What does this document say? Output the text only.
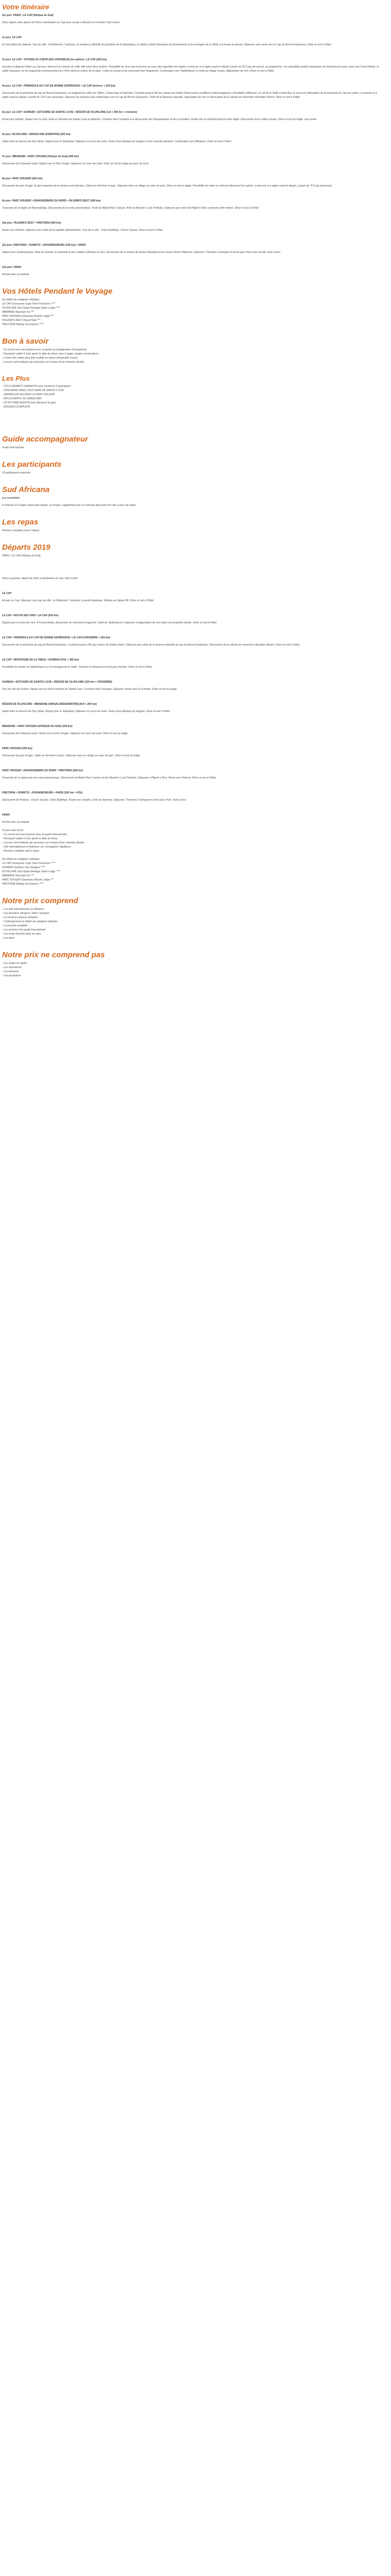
Votre itinéraire
1er jour: PARIS • LE CAP (Afrique du Sud)
Dans l'après-midi, départ de Paris à destination du Cap avec escale à Munich ou Francfort. Nuit à bord.
2e jour: LE CAP
En tout début de matinée, Tour de ville : le Parlement, Tuynhuys, la résidence officielle du président de la République, le célèbre Jardin botanique de Kirstenbosch et la montagne de la Table si le temps le permet. Déjeuner, puis route vers le Cap de Bonne-Espérance. Dîner et nuit à l'hôtel.
3e jour: LE CAP • VOYAGE AU CŒUR DES VIGNOBLES (en option) • LE CAP (220 km)
Journée et déjeuner libres au Cap pour découvrir le charme de cette ville entre deux océans. Possibilité de vivre une excursion au cœur des vignobles (en option, à réserver et à régler avant le départ à partir de 95 € par personne), au programme : les splendides jardins botaniques de Kirstenbosch puis, route vers Franschhoek, la vallée française, où les huguenots commencèrent au XVIIe siècle la culture de la vigne. Visite du musée et du monument des Huguenots. Continuation vers Stellenbosch et visite du village musée, dégustation de vins. Dîner et nuit à l'hôtel.
4e jour: LE CAP • PÉNINSULE DU CAP DE BONNE ESPÉRANCE • LE CAP (environ + 220 km)
Découverte de la péninsule du cap de Bonne Espérance, en longeant les côtes de Clifton, Camps Bay et Hout Bay. Croisière jusqu'à l'île aux otaries de Duiker Island (selon conditions météorologiques). Possibilité d'effectuer, en vol de la Table à Hout Bay, le survol en hélicoptère de la péninsule du Cap (en option, à réserver et à régler avant le départ, à partir de 135 € par personne). Déjeuner de poissons puis continuation vers le cap de Bonne Espérance. Visite de la Réserve naturelle, dégustation de vins et découverte de la colonie de manchots à Boulders Beach. Dîner et nuit à l'hôtel.
5e jour: LE CAP • DURBAN • ESTUAIRE DE SAINTE LUCIE • RÉGION DE HLUHLUWE (vol + 400 km + croisière)
Envol pour Durban. Départ vers le nord, route en direction de Sainte Lucie et déjeuner. Croisière dans l'estuaire à la découverte des hippopotames et des crocodiles. Route vers le Zululand jusqu'à votre lodge. Découverte de la culture zoulou. Dîner et nuit au lodge, sous tente.
6e jour: HLUHLUWE • SWAZILAND (ESWATINI) (220 km)
Safari dans la réserve de Zulu Nyala. Départ pour le Swaziland. Déjeuner en cours de route. Visite d'une fabrique de bougies et d'un marché artisanal. Continuation vers Mbabane. Dîner et nuit à l'hôtel.
7e jour: MBABANE • PARC KRUGER (Afrique du Sud) (300 km)
Découverte de l'artisanat swazi. Départ vers le Parc Kruger. Déjeuner en cours de route. Dîner et nuit au lodge au cœur du bush.
8e jour: PARC KRUGER (250 km)
Découverte du parc Kruger, le plus important de la réserve sud-africaine. Safari en 4x4 dans le parc. Déjeuner dans un village au cœur du parc. Dîner et nuit au lodge. Possibilité de safari en véhicule découvert (en option, à réserver et à régler avant le départ, à partir de 70 € par personne).
9e jour: PARC KRUGER • DRAKENSBERG DU NORD • PILGRIM'S REST (180 km)
Traversée de la région de Mpumalanga. Découverte de la route panoramique. Visite de Blyde River Canyon. Arrêt au Bourke's Luck Potholes. Déjeuner puis visite de Pilgrim's Rest, ancienne ville minière. Dîner et nuit à l'hôtel.
10e jour: PILGRIM'S REST • PRETORIA (350 km)
Route vers Pretoria. Déjeuner puis visite de la capitale administrative. Tour de la ville : Union Buildings, Church Square. Dîner et nuit à l'hôtel.
11e jour: PRETORIA • SOWETO • JOHANNESBURG (150 km) • PARIS
Départ pour Johannesburg. Visite de Soweto, le township le plus célèbre d'Afrique du Sud. Découverte de la maison de Nelson Mandela et du musée Hector Pieterson. Déjeuner. Transfert à l'aéroport et envol pour Paris avec escale. Nuit à bord.
12e jour: PARIS
Arrivée dans la matinée.
Vos Hôtels Pendant le Voyage
(ou hôtels de catégorie similaire)
LE CAP Sunsquare Cape Town Foreshore ****
HLUHLUWE Zulu Nyala Heritage Safari Lodge ****
MBABANE Mountain Inn ***
PARC KRUGER Greenway Woods Lodge ***
PILGRIM'S REST Royal Hotel ***
PRETORIA Holiday Inn Express ****
Bon à savoir
- Ce circuit vous est proposé avec un guide accompagnateur francophone.
- Passeport valide 6 mois après la date de retour avec 2 pages vierges consécutives.
- L'ordre des visites peut être modifié en raison d'impératifs locaux.
- Les prix sont indiqués par personne sur la base d'une chambre double.
Les Plus
- TOUS DÉPARTS GARANTIS avec minimum 2 participants
- CROISIÈRE DANS L'ESTUAIRE DE SAINTE LUCIE
- SAFARIS EN 4x4 DANS LE PARC KRUGER
- DÉCOUVERTE DU SWAZILAND
- UN RYTHME ADAPTÉ pour découvrir le pays
- PENSION COMPLÈTE
Guide accompagnateur
Guide francophone
Les participants
16 participants maximum
Sud Africana
Les essentiels
A réserver et à régler avant votre départ. Le Kruger, supplément pour un véhicule découvert lors des 2 jours de safari.
Les repas
Pension complète (sauf 2 repas)
Départs 2019
PARIS • LE CAP (Afrique du Sud)
Dans la journée, départ de Paris à destination du Cap. Nuit à bord.
LE CAP
Arrivée au Cap. Déjeuner, puis tour de ville : le Parlement, Tuynhuys, le jardin botanique. Montée au Signal Hill. Dîner et nuit à l'hôtel.
LE CAP • ROUTE DES VINS • LE CAP (200 km)
Départ pour la route des vins. À Franschhoek, découverte du monument huguenot. Visite de Stellenbosch. Déjeuner et dégustation de vins dans une propriété viticole. Dîner et nuit à l'hôtel.
LE CAP • PÉNINSULE DU CAP DE BONNE ESPÉRANCE • LE CAP (CROISIÈRE + 220 km)
Découverte de la péninsule du cap de Bonne Espérance. Croisière jusqu'à l'île aux otaries de Duiker Island. Déjeuner puis visite de la réserve naturelle du cap de Bonne Espérance. Découverte de la colonie de manchots à Boulders Beach. Dîner et nuit à l'hôtel.
LE CAP • MONTAGNE DE LA TABLE • DURBAN (VOL + 180 km)
Possibilité de monter en téléphérique sur la montagne de la Table. Transfert à l'aéroport et envol pour Durban. Dîner et nuit à l'hôtel.
DURBAN • ESTUAIRE DE SAINTE LUCIE • RÉGION DE HLUHLUWE (320 km + CROISIÈRE)
Tour de ville de Durban. Départ vers la réserve marine de Sainte Lucie. Croisière dans l'estuaire. Déjeuner. Route vers le Zululand. Dîner et nuit au lodge.
RÉGION DE HLUHLUWE • MBABANE (SWAZILAND/ESWATINI) (4x4 + 260 km)
Safari dans la réserve de Zulu Nyala. Départ pour le Swaziland. Déjeuner en cours de route. Visite d'une fabrique de bougies. Dîner et nuit à l'hôtel.
MBABANE • PARC KRUGER (AFRIQUE DU SUD) (300 km)
Découverte de l'artisanat swazi. Route vers le Parc Kruger. Déjeuner en cours de route. Dîner et nuit au lodge.
PARC KRUGER (250 km)
Découverte du parc Kruger. Safari en 4x4 dans le parc. Déjeuner dans un village au cœur du parc. Dîner et nuit au lodge.
PARC KRUGER • DRAKENSBERG DU NORD • PRETORIA (550 km)
Traversée de la région par une route panoramique. Découverte de Blyde River Canyon et des Bourke's Luck Potholes. Déjeuner à Pilgrim's Rest. Route vers Pretoria. Dîner et nuit à l'hôtel.
PRETORIA • SOWETO • JOHANNESBURG • PARIS (150 km + VOL)
Découverte de Pretoria : Church Square, Union Buildings. Route vers Soweto, visite du township. Déjeuner. Transfert à l'aéroport et envol pour Paris. Nuit à bord.
PARIS
Arrivée dans la matinée.
Ce prix vous inclut :
- Ce circuit vous est proposé avec un guide francophone.
- Passeport valide 6 mois après la date de retour.
- Les prix sont indiqués par personne sur la base d'une chambre double.
- Vols internationaux et intérieurs sur compagnies régulières.
- Pension complète sauf 2 repas.
(ou hôtels de catégorie similaire)
LE CAP Sunsquare Cape Town Foreshore ****
DURBAN Southern Sun Elangeni ****
HLUHLUWE Zulu Nyala Heritage Safari Lodge ****
MBABANE Mountain Inn ***
PARC KRUGER Greenway Woods Lodge ***
PRETORIA Holiday Inn Express ****
Notre prix comprend
- Les vols internationaux et intérieurs
- Les transferts aéroport / hôtel / aéroport
- Le circuit en autocar climatisé
- L'hébergement en hôtels de catégorie indiquée
- La pension complète
- Les services d'un guide francophone
- Les droits d'entrée dans les sites
- Les taxes
Notre prix ne comprend pas
- Les visites en option
- Les assurances
- Les boissons
- Les pourboires
